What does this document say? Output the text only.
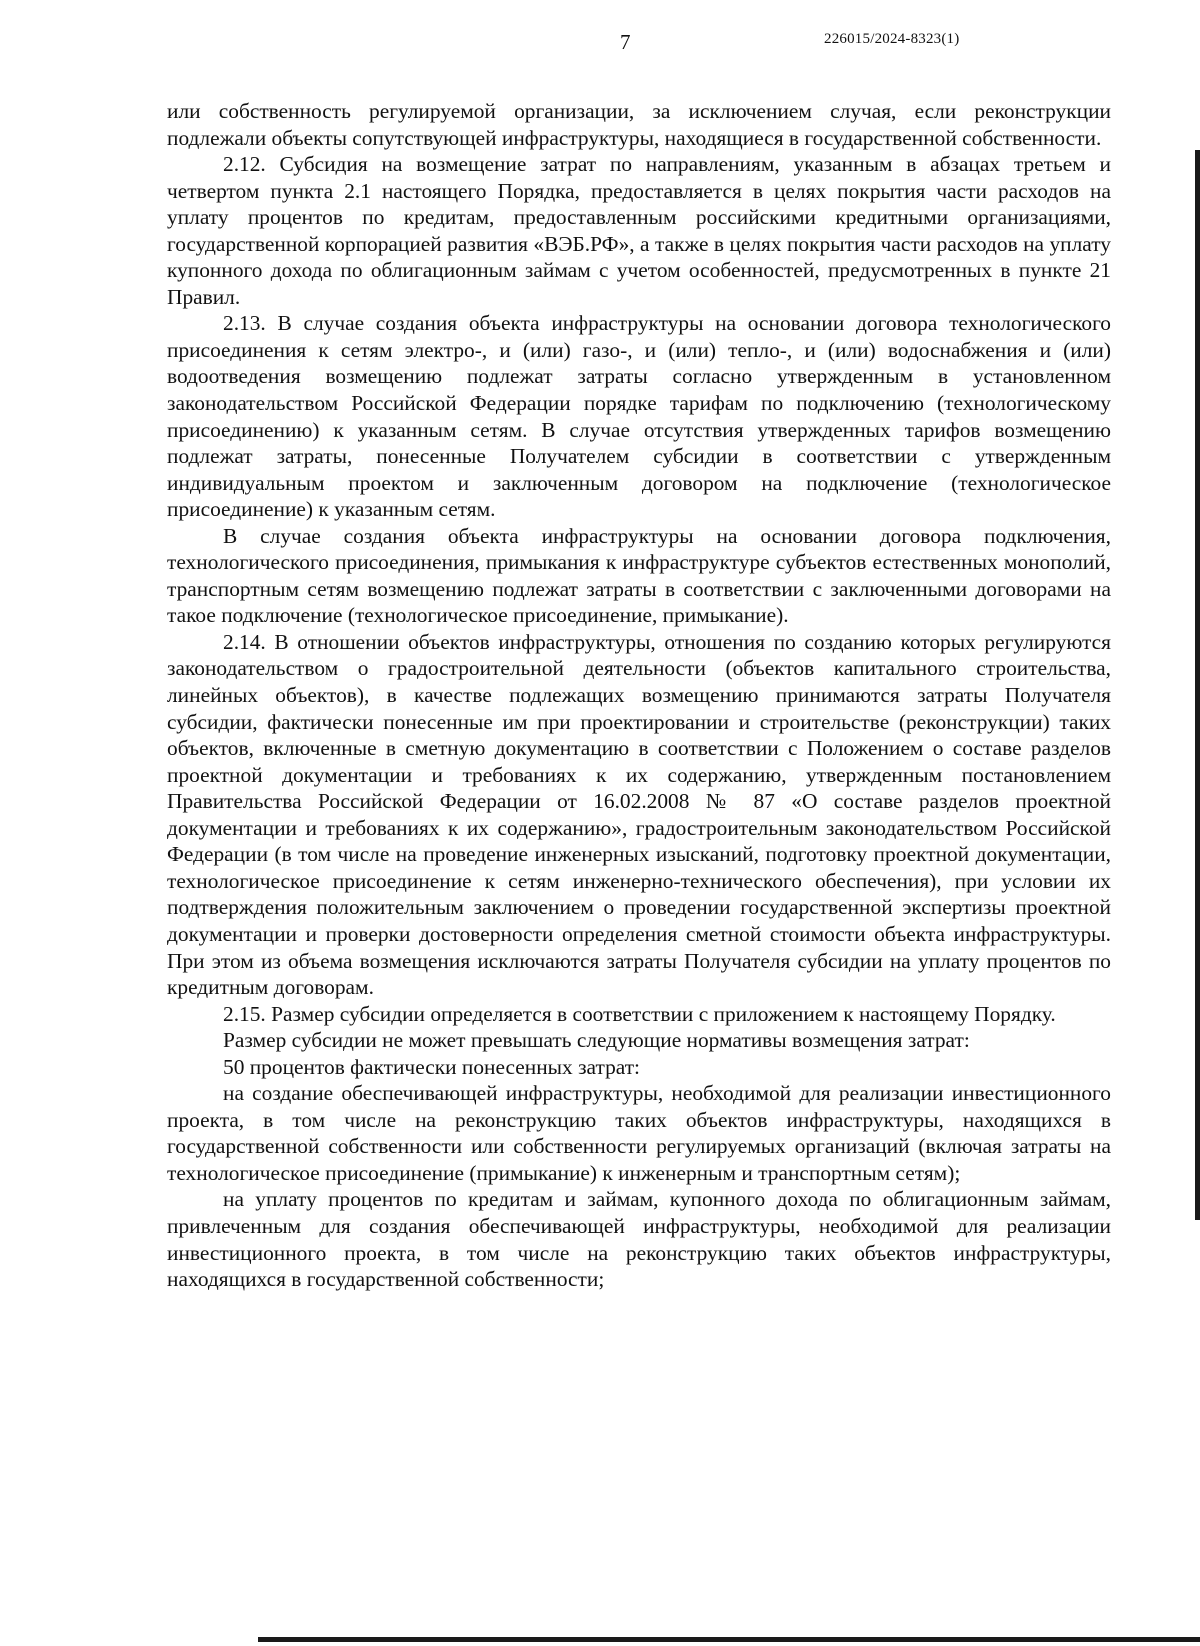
7	226015/2024-8323(1)

или собственность регулируемой организации, за исключением случая, если реконструкции подлежали объекты сопутствующей инфраструктуры, находящиеся в государственной собственности.

2.12. Субсидия на возмещение затрат по направлениям, указанным в абзацах третьем и четвертом пункта 2.1 настоящего Порядка, предоставляется в целях покрытия части расходов на уплату процентов по кредитам, предоставленным российскими кредитными организациями, государственной корпорацией развития «ВЭБ.РФ», а также в целях покрытия части расходов на уплату купонного дохода по облигационным займам с учетом особенностей, предусмотренных в пункте 21 Правил.

2.13. В случае создания объекта инфраструктуры на основании договора технологического присоединения к сетям электро-, и (или) газо-, и (или) тепло-, и (или) водоснабжения и (или) водоотведения возмещению подлежат затраты согласно утвержденным в установленном законодательством Российской Федерации порядке тарифам по подключению (технологическому присоединению) к указанным сетям. В случае отсутствия утвержденных тарифов возмещению подлежат затраты, понесенные Получателем субсидии в соответствии с утвержденным индивидуальным проектом и заключенным договором на подключение (технологическое присоединение) к указанным сетям.

В случае создания объекта инфраструктуры на основании договора подключения, технологического присоединения, примыкания к инфраструктуре субъектов естественных монополий, транспортным сетям возмещению подлежат затраты в соответствии с заключенными договорами на такое подключение (технологическое присоединение, примыкание).

2.14. В отношении объектов инфраструктуры, отношения по созданию которых регулируются законодательством о градостроительной деятельности (объектов капитального строительства, линейных объектов), в качестве подлежащих возмещению принимаются затраты Получателя субсидии, фактически понесенные им при проектировании и строительстве (реконструкции) таких объектов, включенные в сметную документацию в соответствии с Положением о составе разделов проектной документации и требованиях к их содержанию, утвержденным постановлением Правительства Российской Федерации от 16.02.2008 № 87 «О составе разделов проектной документации и требованиях к их содержанию», градостроительным законодательством Российской Федерации (в том числе на проведение инженерных изысканий, подготовку проектной документации, технологическое присоединение к сетям инженерно-технического обеспечения), при условии их подтверждения положительным заключением о проведении государственной экспертизы проектной документации и проверки достоверности определения сметной стоимости объекта инфраструктуры. При этом из объема возмещения исключаются затраты Получателя субсидии на уплату процентов по кредитным договорам.

2.15. Размер субсидии определяется в соответствии с приложением к настоящему Порядку.

Размер субсидии не может превышать следующие нормативы возмещения затрат:

50 процентов фактически понесенных затрат:

на создание обеспечивающей инфраструктуры, необходимой для реализации инвестиционного проекта, в том числе на реконструкцию таких объектов инфраструктуры, находящихся в государственной собственности или собственности регулируемых организаций (включая затраты на технологическое присоединение (примыкание) к инженерным и транспортным сетям);

на уплату процентов по кредитам и займам, купонного дохода по облигационным займам, привлеченным для создания обеспечивающей инфраструктуры, необходимой для реализации инвестиционного проекта, в том числе на реконструкцию таких объектов инфраструктуры, находящихся в государственной собственности;
